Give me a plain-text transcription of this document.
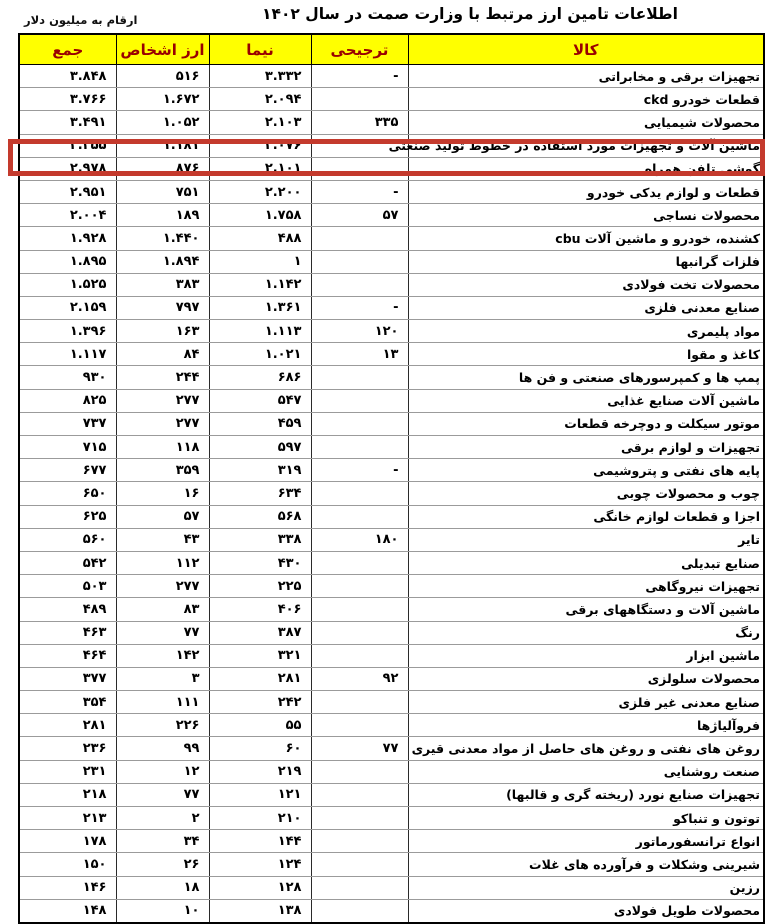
ارقام به میلیون دلار	اطلاعات تامین ارز مرتبط با وزارت صمت در سال ۱۴۰۲
کالا	ترجیحی	نیما	ارز اشخاص	جمع
تجهیزات برقی و مخابراتی	-	۳.۳۳۲	۵۱۶	۳.۸۴۸
قطعات خودرو ckd		۲.۰۹۴	۱.۶۷۲	۳.۷۶۶
محصولات شیمیایی	۳۳۵	۲.۱۰۳	۱.۰۵۲	۳.۴۹۱
ماشین آلات و تجهیزات مورد استفاده در خطوط تولید صنعتی		۲.۰۷۶	۱.۱۸۱	۳.۲۵۵
گوشی تلفن همراه		۲.۱۰۱	۸۷۶	۲.۹۷۸
قطعات و لوازم یدکی خودرو	-	۲.۲۰۰	۷۵۱	۲.۹۵۱
محصولات نساجی	۵۷	۱.۷۵۸	۱۸۹	۲.۰۰۴
کشنده، خودرو و ماشین آلات cbu		۴۸۸	۱.۴۴۰	۱.۹۲۸
فلزات گرانبها		۱	۱.۸۹۴	۱.۸۹۵
محصولات تخت فولادی		۱.۱۴۲	۳۸۳	۱.۵۲۵
صنایع معدنی فلزی	-	۱.۳۶۱	۷۹۷	۲.۱۵۹
مواد پلیمری	۱۲۰	۱.۱۱۳	۱۶۳	۱.۳۹۶
کاغذ و مقوا	۱۳	۱.۰۲۱	۸۴	۱.۱۱۷
پمپ ها و کمپرسورهای صنعتی و فن ها		۶۸۶	۲۴۴	۹۳۰
ماشین آلات صنایع غذایی		۵۴۷	۲۷۷	۸۲۵
موتور سیکلت و دوچرخه قطعات		۴۵۹	۲۷۷	۷۳۷
تجهیزات و لوازم برقی		۵۹۷	۱۱۸	۷۱۵
پایه های نفتی و پتروشیمی	-	۳۱۹	۳۵۹	۶۷۷
چوب و محصولات چوبی		۶۳۴	۱۶	۶۵۰
اجزا و قطعات لوازم خانگی		۵۶۸	۵۷	۶۲۵
تایر	۱۸۰	۳۳۸	۴۳	۵۶۰
صنایع تبدیلی		۴۳۰	۱۱۲	۵۴۲
تجهیزات نیروگاهی		۲۲۵	۲۷۷	۵۰۳
ماشین آلات و دستگاههای برقی		۴۰۶	۸۳	۴۸۹
رنگ		۳۸۷	۷۷	۴۶۳
ماشین ابزار		۳۲۱	۱۴۲	۴۶۴
محصولات سلولزی	۹۲	۲۸۱	۳	۳۷۷
صنایع معدنی غیر فلزی		۲۴۲	۱۱۱	۳۵۴
فروآلیاژها		۵۵	۲۲۶	۲۸۱
روغن های نفتی و روغن های حاصل از مواد معدنی قیری	۷۷	۶۰	۹۹	۲۳۶
صنعت روشنایی		۲۱۹	۱۲	۲۳۱
تجهیزات صنایع نورد (ریخته گری و قالبها)		۱۲۱	۷۷	۲۱۸
توتون و تنباکو		۲۱۰	۲	۲۱۳
انواع ترانسفورماتور		۱۴۴	۳۴	۱۷۸
شیرینی وشکلات و فرآورده های غلات		۱۲۴	۲۶	۱۵۰
رزین		۱۲۸	۱۸	۱۴۶
محصولات طویل فولادی		۱۳۸	۱۰	۱۴۸
